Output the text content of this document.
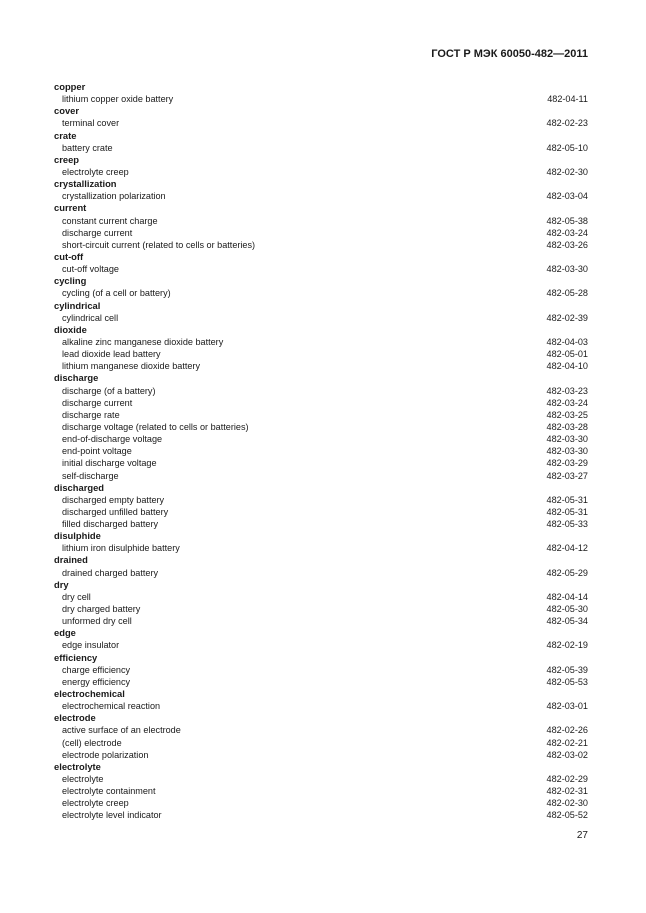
ГОСТ Р МЭК 60050-482—2011
copper
lithium copper oxide battery	482-04-11
cover
terminal cover	482-02-23
crate
battery crate	482-05-10
creep
electrolyte creep	482-02-30
crystallization
crystallization polarization	482-03-04
current
constant current charge	482-05-38
discharge current	482-03-24
short-circuit current (related to cells or batteries)	482-03-26
cut-off
cut-off voltage	482-03-30
cycling
cycling (of a cell or battery)	482-05-28
cylindrical
cylindrical cell	482-02-39
dioxide
alkaline zinc manganese dioxide battery	482-04-03
lead dioxide lead battery	482-05-01
lithium manganese dioxide battery	482-04-10
discharge
discharge (of a battery)	482-03-23
discharge current	482-03-24
discharge rate	482-03-25
discharge voltage (related to cells or batteries)	482-03-28
end-of-discharge voltage	482-03-30
end-point voltage	482-03-30
initial discharge voltage	482-03-29
self-discharge	482-03-27
discharged
discharged empty battery	482-05-31
discharged unfilled battery	482-05-31
filled discharged battery	482-05-33
disulphide
lithium iron disulphide battery	482-04-12
drained
drained charged battery	482-05-29
dry
dry cell	482-04-14
dry charged battery	482-05-30
unformed dry cell	482-05-34
edge
edge insulator	482-02-19
efficiency
charge efficiency	482-05-39
energy efficiency	482-05-53
electrochemical
electrochemical reaction	482-03-01
electrode
active surface of an electrode	482-02-26
(cell) electrode	482-02-21
electrode polarization	482-03-02
electrolyte
electrolyte	482-02-29
electrolyte containment	482-02-31
electrolyte creep	482-02-30
electrolyte level indicator	482-05-52
27
